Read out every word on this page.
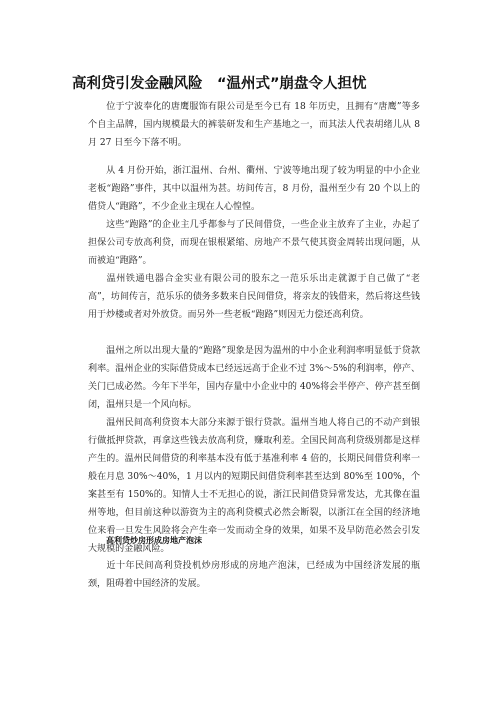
高利贷引发金融风险　“温州式”崩盘令人担忧

位于宁波奉化的唐鹰服饰有限公司是至今已有 18 年历史，且拥有“唐鹰”等多个自主品牌，国内规模最大的裤装研发和生产基地之一，而其法人代表胡绪儿从 8 月 27 日至今下落不明。

从 4 月份开始，浙江温州、台州、衢州、宁波等地出现了较为明显的中小企业老板“跑路”事件，其中以温州为甚。坊间传言，8 月份，温州至少有 20 个以上的借贷人“跑路”，不少企业主现在人心惶惶。

这些“跑路”的企业主几乎都参与了民间借贷，一些企业主放弃了主业，办起了担保公司专放高利贷，而现在银根紧缩、房地产不景气使其资金周转出现问题，从而被迫“跑路”。

温州铁通电器合金实业有限公司的股东之一范乐乐出走就源于自己做了“老高”，坊间传言，范乐乐的债务多数来自民间借贷，将亲友的钱借来，然后将这些钱用于炒楼或者对外放贷。而另外一些老板“跑路”则因无力偿还高利贷。

温州之所以出现大量的“跑路”现象是因为温州的中小企业利润率明显低于贷款利率。温州企业的实际借贷成本已经远远高于企业不过 3%～5%的利润率，停产、关门已成必然。今年下半年，国内存量中小企业中的 40%将会半停产、停产甚至倒闭，温州只是一个风向标。

温州民间高利贷资本大部分来源于银行贷款。温州当地人将自己的不动产到银行做抵押贷款，再拿这些钱去放高利贷，赚取利差。全国民间高利贷级别都是这样产生的。温州民间借贷的利率基本没有低于基准利率 4 倍的，长期民间借贷利率一般在月息 30%～40%，1 月以内的短期民间借贷利率甚至达到 80%至 100%，个案甚至有 150%的。知情人士不无担心的说，浙江民间借贷异常发达，尤其像在温州等地，但目前这种以游资为主的高利贷模式必然会断裂，以浙江在全国的经济地位来看一旦发生风险将会产生牵一发而动全身的效果，如果不及早防范必然会引发大规模的金融风险。

高利贷炒房形成房地产泡沫

近十年民间高利贷投机炒房形成的房地产泡沫，已经成为中国经济发展的瓶颈，阻碍着中国经济的发展。
